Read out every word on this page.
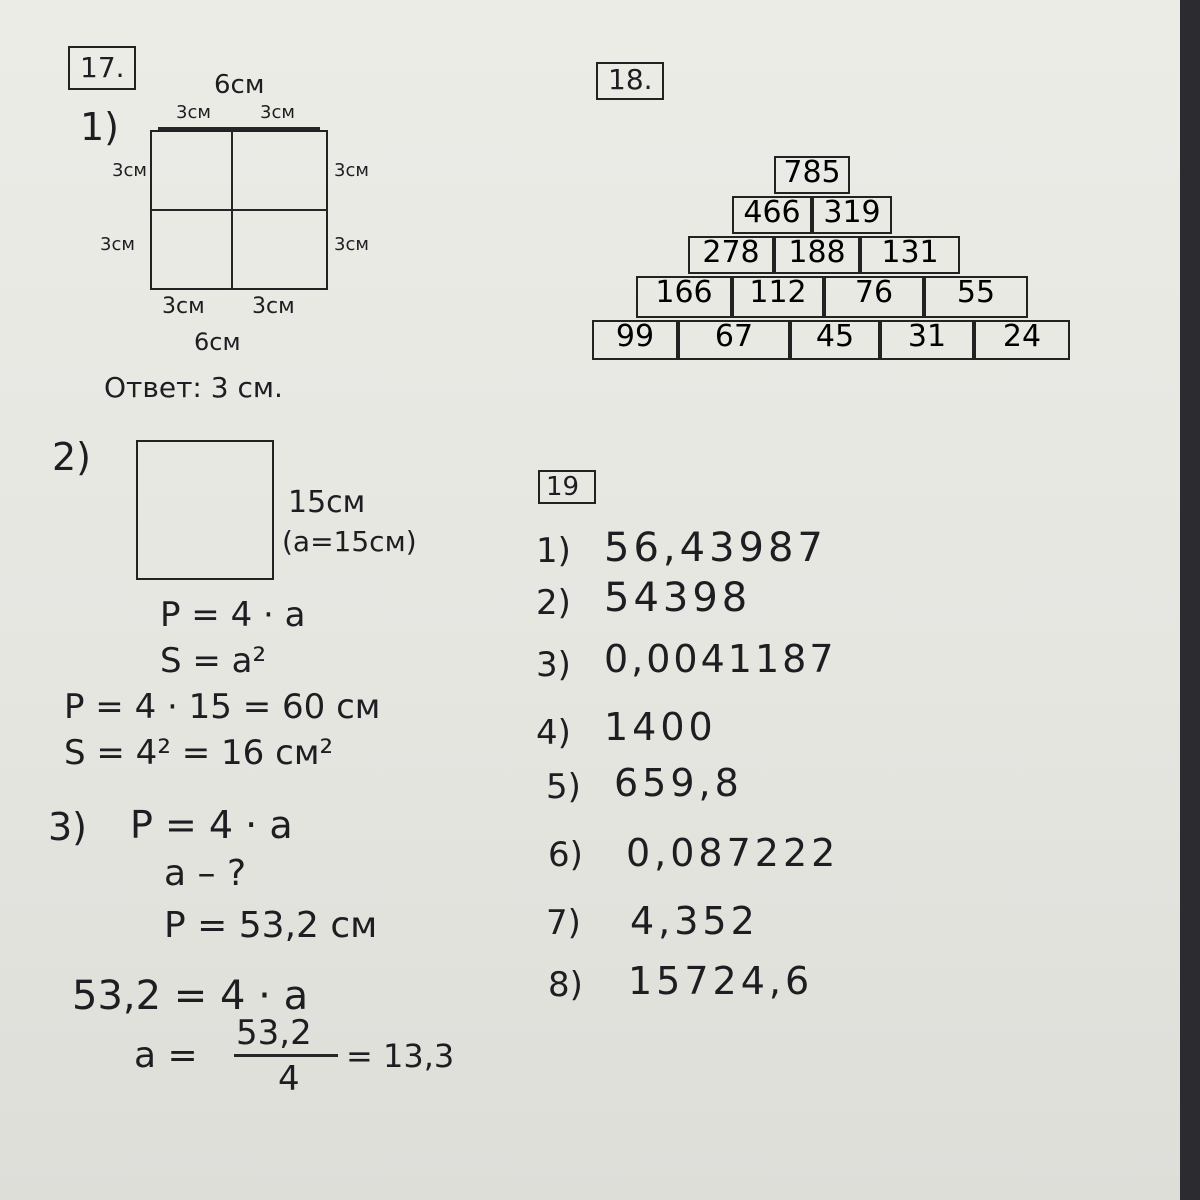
17.
1)
6см
3см	3см
3см
3см
3см
3см
3см 3см
6см
Ответ: 3 см.
2)
15см
(a=15см)
P = 4 · a
S = a²
P = 4 · 15 = 60 см
S = 4² = 16 см²
3) P = 4 · a
a – ?
P = 53,2 см
53,2 = 4 · a
a =
53,2
4
= 13,3
18.
785
466 319
278 188	131
166	112	76	55
99	67	45	31	24
19
1) 56,43987
2) 54398
3) 0,0041187
4) 1400
5) 659,8
6) 0,087222
7) 4,352
8) 15724,6
